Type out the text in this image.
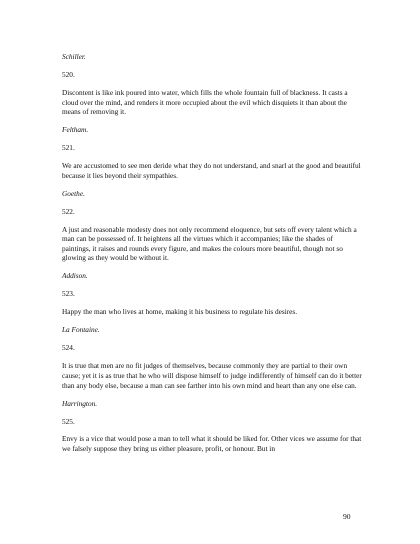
Schiller.

520.

Discontent is like ink poured into water, which fills the whole fountain full of blackness. It casts a cloud over the mind, and renders it more occupied about the evil which disquiets it than about the means of removing it.

Feltham.

521.

We are accustomed to see men deride what they do not understand, and snarl at the good and beautiful because it lies beyond their sympathies.

Goethe.

522.

A just and reasonable modesty does not only recommend eloquence, but sets off every talent which a man can be possessed of. It heightens all the virtues which it accompanies; like the shades of paintings, it raises and rounds every figure, and makes the colours more beautiful, though not so glowing as they would be without it.

Addison.

523.

Happy the man who lives at home, making it his business to regulate his desires.

La Fontaine.

524.

It is true that men are no fit judges of themselves, because commonly they are partial to their own cause; yet it is as true that he who will dispose himself to judge indifferently of himself can do it better than any body else, because a man can see farther into his own mind and heart than any one else can.

Harrington.

525.

Envy is a vice that would pose a man to tell what it should be liked for. Other vices we assume for that we falsely suppose they bring us either pleasure, profit, or honour. But in

90
